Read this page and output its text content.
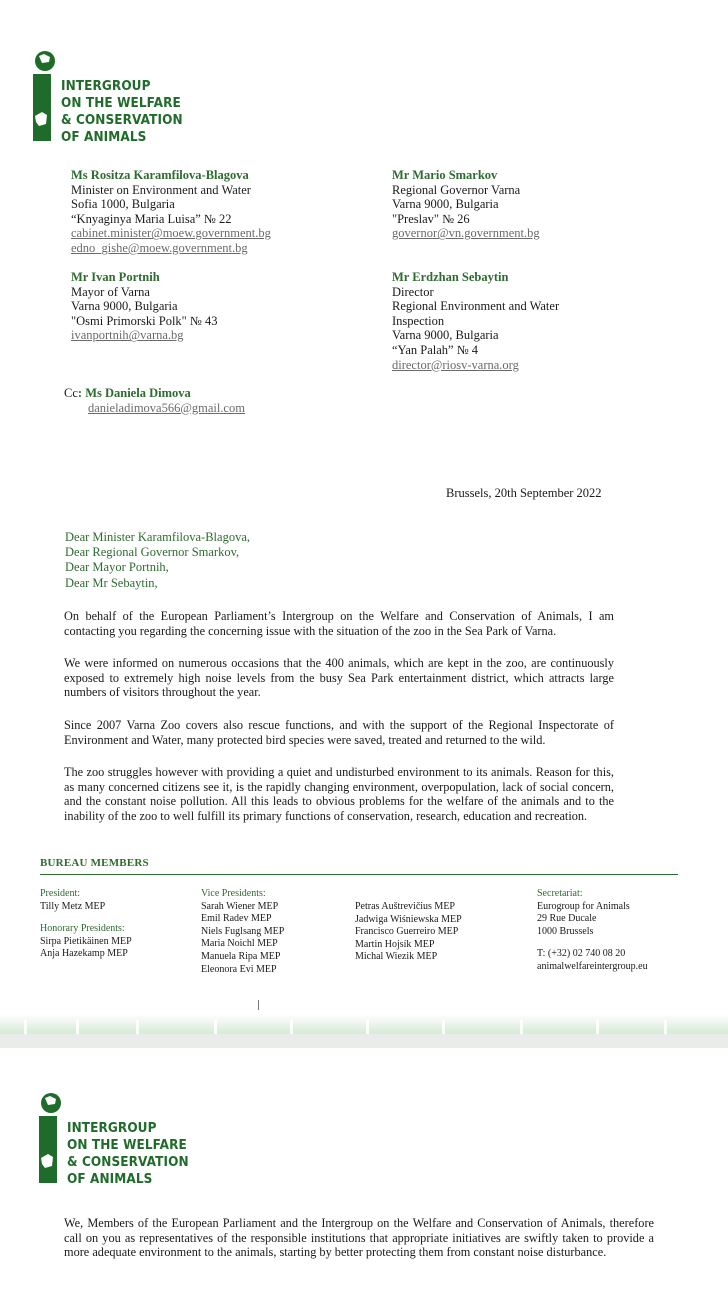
INTERGROUP
ON THE WELFARE
& CONSERVATION
OF ANIMALS
Ms Rositza Karamfilova-Blagova
Minister on Environment and Water
Sofia 1000, Bulgaria
“Knyaginya Maria Luisa” № 22
cabinet.minister@moew.government.bg
edno_gishe@moew.government.bg
Mr Mario Smarkov
Regional Governor Varna
Varna 9000, Bulgaria
"Preslav" № 26
governor@vn.government.bg
Mr Ivan Portnih
Mayor of Varna
Varna 9000, Bulgaria
"Osmi Primorski Polk" № 43
ivanportnih@varna.bg
Mr Erdzhan Sebaytin
Director
Regional Environment and Water
Inspection
Varna 9000, Bulgaria
“Yan Palah” № 4
director@riosv-varna.org
Cc: Ms Daniela Dimova
danieladimova566@gmail.com
Brussels, 20th September 2022
Dear Minister Karamfilova-Blagova,
Dear Regional Governor Smarkov,
Dear Mayor Portnih,
Dear Mr Sebaytin,
On behalf of the European Parliament’s Intergroup on the Welfare and Conservation of Animals, I am contacting you regarding the concerning issue with the situation of the zoo in the Sea Park of Varna.
We were informed on numerous occasions that the 400 animals, which are kept in the zoo, are continuously exposed to extremely high noise levels from the busy Sea Park entertainment district, which attracts large numbers of visitors throughout the year.
Since 2007 Varna Zoo covers also rescue functions, and with the support of the Regional Inspectorate of Environment and Water, many protected bird species were saved, treated and returned to the wild.
The zoo struggles however with providing a quiet and undisturbed environment to its animals. Reason for this, as many concerned citizens see it, is the rapidly changing environment, overpopulation, lack of social concern, and the constant noise pollution. All this leads to obvious problems for the welfare of the animals and to the inability of the zoo to well fulfill its primary functions of conservation, research, education and recreation.
BUREAU MEMBERS
President:
Tilly Metz MEP
Honorary Presidents:
Sirpa Pietikäinen MEP
Anja Hazekamp MEP
Vice Presidents:
Sarah Wiener MEP
Emil Radev MEP
Niels Fuglsang MEP
Maria Noichl MEP
Manuela Ripa MEP
Eleonora Evi MEP
Petras Auštrevičius MEP
Jadwiga Wiśniewska MEP
Francisco Guerreiro MEP
Martin Hojsík MEP
Michal Wiezik MEP
Secretariat:
Eurogroup for Animals
29 Rue Ducale
1000 Brussels
T: (+32) 02 740 08 20
animalwelfareintergroup.eu
INTERGROUP
ON THE WELFARE
& CONSERVATION
OF ANIMALS
We, Members of the European Parliament and the Intergroup on the Welfare and Conservation of Animals, therefore call on you as representatives of the responsible institutions that appropriate initiatives are swiftly taken to provide a more adequate environment to the animals, starting by better protecting them from constant noise disturbance.
